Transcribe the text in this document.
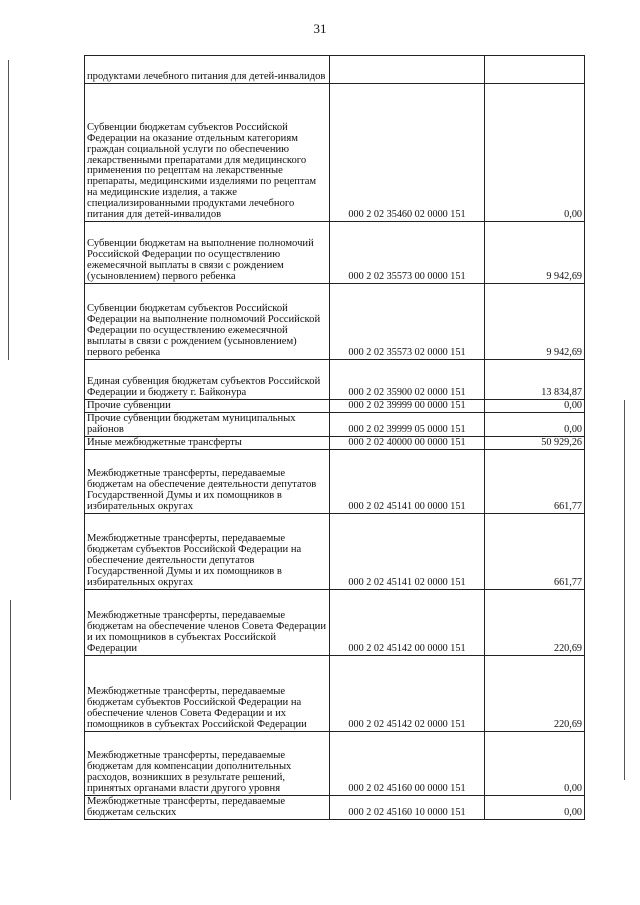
31
продуктами лечебного питания для детей-инвалидов		
Субвенции бюджетам субъектов Российской Федерации на оказание отдельным категориям граждан социальной услуги по обеспечению лекарственными препаратами для медицинского применения по рецептам на лекарственные препараты, медицинскими изделиями по рецептам на медицинские изделия, а также специализированными продуктами лечебного питания для детей-инвалидов	000 2 02 35460 02 0000 151	0,00
Субвенции бюджетам на выполнение полномочий Российской Федерации по осуществлению ежемесячной выплаты в связи с рождением (усыновлением) первого ребенка	000 2 02 35573 00 0000 151	9 942,69
Субвенции бюджетам субъектов Российской Федерации на выполнение полномочий Российской Федерации по осуществлению ежемесячной выплаты в связи с рождением (усыновлением) первого ребенка	000 2 02 35573 02 0000 151	9 942,69
Единая субвенция бюджетам субъектов Российской Федерации и бюджету г. Байконура	000 2 02 35900 02 0000 151	13 834,87
Прочие субвенции	000 2 02 39999 00 0000 151	0,00
Прочие субвенции бюджетам муниципальных районов	000 2 02 39999 05 0000 151	0,00
Иные межбюджетные трансферты	000 2 02 40000 00 0000 151	50 929,26
Межбюджетные трансферты, передаваемые бюджетам на обеспечение деятельности депутатов Государственной Думы и их помощников в избирательных округах	000 2 02 45141 00 0000 151	661,77
Межбюджетные трансферты, передаваемые бюджетам субъектов Российской Федерации на обеспечение деятельности депутатов Государственной Думы и их помощников в избирательных округах	000 2 02 45141 02 0000 151	661,77
Межбюджетные трансферты, передаваемые бюджетам на обеспечение членов Совета Федерации и их помощников в субъектах Российской Федерации	000 2 02 45142 00 0000 151	220,69
Межбюджетные трансферты, передаваемые бюджетам субъектов Российской Федерации на обеспечение членов Совета Федерации и их помощников в субъектах Российской Федерации	000 2 02 45142 02 0000 151	220,69
Межбюджетные трансферты, передаваемые бюджетам для компенсации дополнительных расходов, возникших в результате решений, принятых органами власти другого уровня	000 2 02 45160 00 0000 151	0,00
Межбюджетные трансферты, передаваемые бюджетам сельских	000 2 02 45160 10 0000 151	0,00
